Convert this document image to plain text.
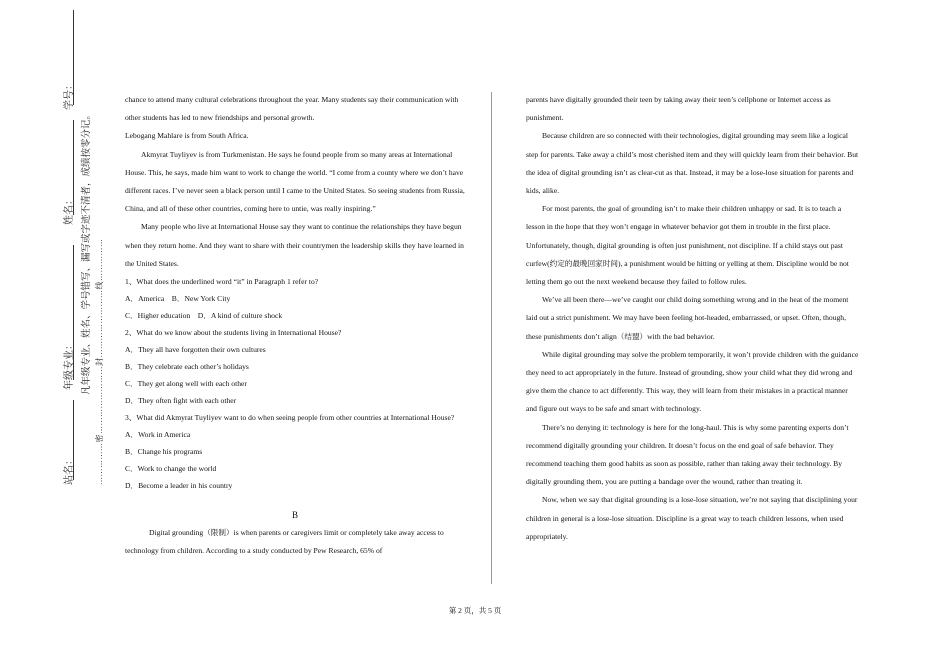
学号：
姓名：
年级专业：
站名：
凡年级专业、姓名、学号错写、漏写或字迹不清者，成绩按零分记。 ……………密……………………封……………………线……………

chance to attend many cultural celebrations throughout the year. Many students say their communication with other students has led to new friendships and personal growth.

Lebogang Mahlare is from South Africa.

Akmyrat Tuyliyev is from Turkmenistan. He says he found people from so many areas at International House. This, he says, made him want to work to change the world. “I come from a county where we don’t have different races. I’ve never seen a black person until I came to the United States. So seeing students from Russia, China, and all of these other countries, coming here to untie, was really inspiring.”

Many people who live at International House say they want to continue the relationships they have begun when they return home. And they want to share with their countrymen the leadership skills they have learned in the United States.

1、What does the underlined word “it” in Paragraph 1 refer to?

A．America　B．New York City

C．Higher education　D．A kind of culture shock

2、What do we know about the students living in International House?

A．They all have forgotten their own cultures

B．They celebrate each other’s holidays

C．They get along well with each other

D．They often fight with each other

3、What did Akmyrat Tuyliyev want to do when seeing people from other countries at International House?

A．Work in America

B．Change his programs

C．Work to change the world

D．Become a leader in his country

B

Digital grounding（限制）is when parents or caregivers limit or completely take away access to technology from children. According to a study conducted by Pew Research, 65% of

parents have digitally grounded their teen by taking away their teen’s cellphone or Internet access as punishment.

Because children are so connected with their technologies, digital grounding may seem like a logical step for parents. Take away a child’s most cherished item and they will quickly learn from their behavior. But the idea of digital grounding isn’t as clear-cut as that. Instead, it may be a lose-lose situation for parents and kids, alike.

For most parents, the goal of grounding isn’t to make their children unhappy or sad. It is to teach a lesson in the hope that they won’t engage in whatever behavior got them in trouble in the first place. Unfortunately, though, digital grounding is often just punishment, not discipline. If a child stays out past curfew(约定的最晚回家时间), a punishment would be hitting or yelling at them. Discipline would be not letting them go out the next weekend because they failed to follow rules.

We’ve all been there—we’ve caught our child doing something wrong and in the heat of the moment laid out a strict punishment. We may have been feeling hot-headed, embarrassed, or upset. Often, though, these punishments don’t align（结盟）with the bad behavior.

While digital grounding may solve the problem temporarily, it won’t provide children with the guidance they need to act appropriately in the future. Instead of grounding, show your child what they did wrong and give them the chance to act differently. This way, they will learn from their mistakes in a practical manner and figure out ways to be safe and smart with technology.

There’s no denying it: technology is here for the long-haul. This is why some parenting experts don’t recommend digitally grounding your children. It doesn’t focus on the end goal of safe behavior. They recommend teaching them good habits as soon as possible, rather than taking away their technology. By digitally grounding them, you are putting a bandage over the wound, rather than treating it.

Now, when we say that digital grounding is a lose-lose situation, we’re not saying that disciplining your children in general is a lose-lose situation. Discipline is a great way to teach children lessons, when used appropriately.

第 2 页，共 5 页
